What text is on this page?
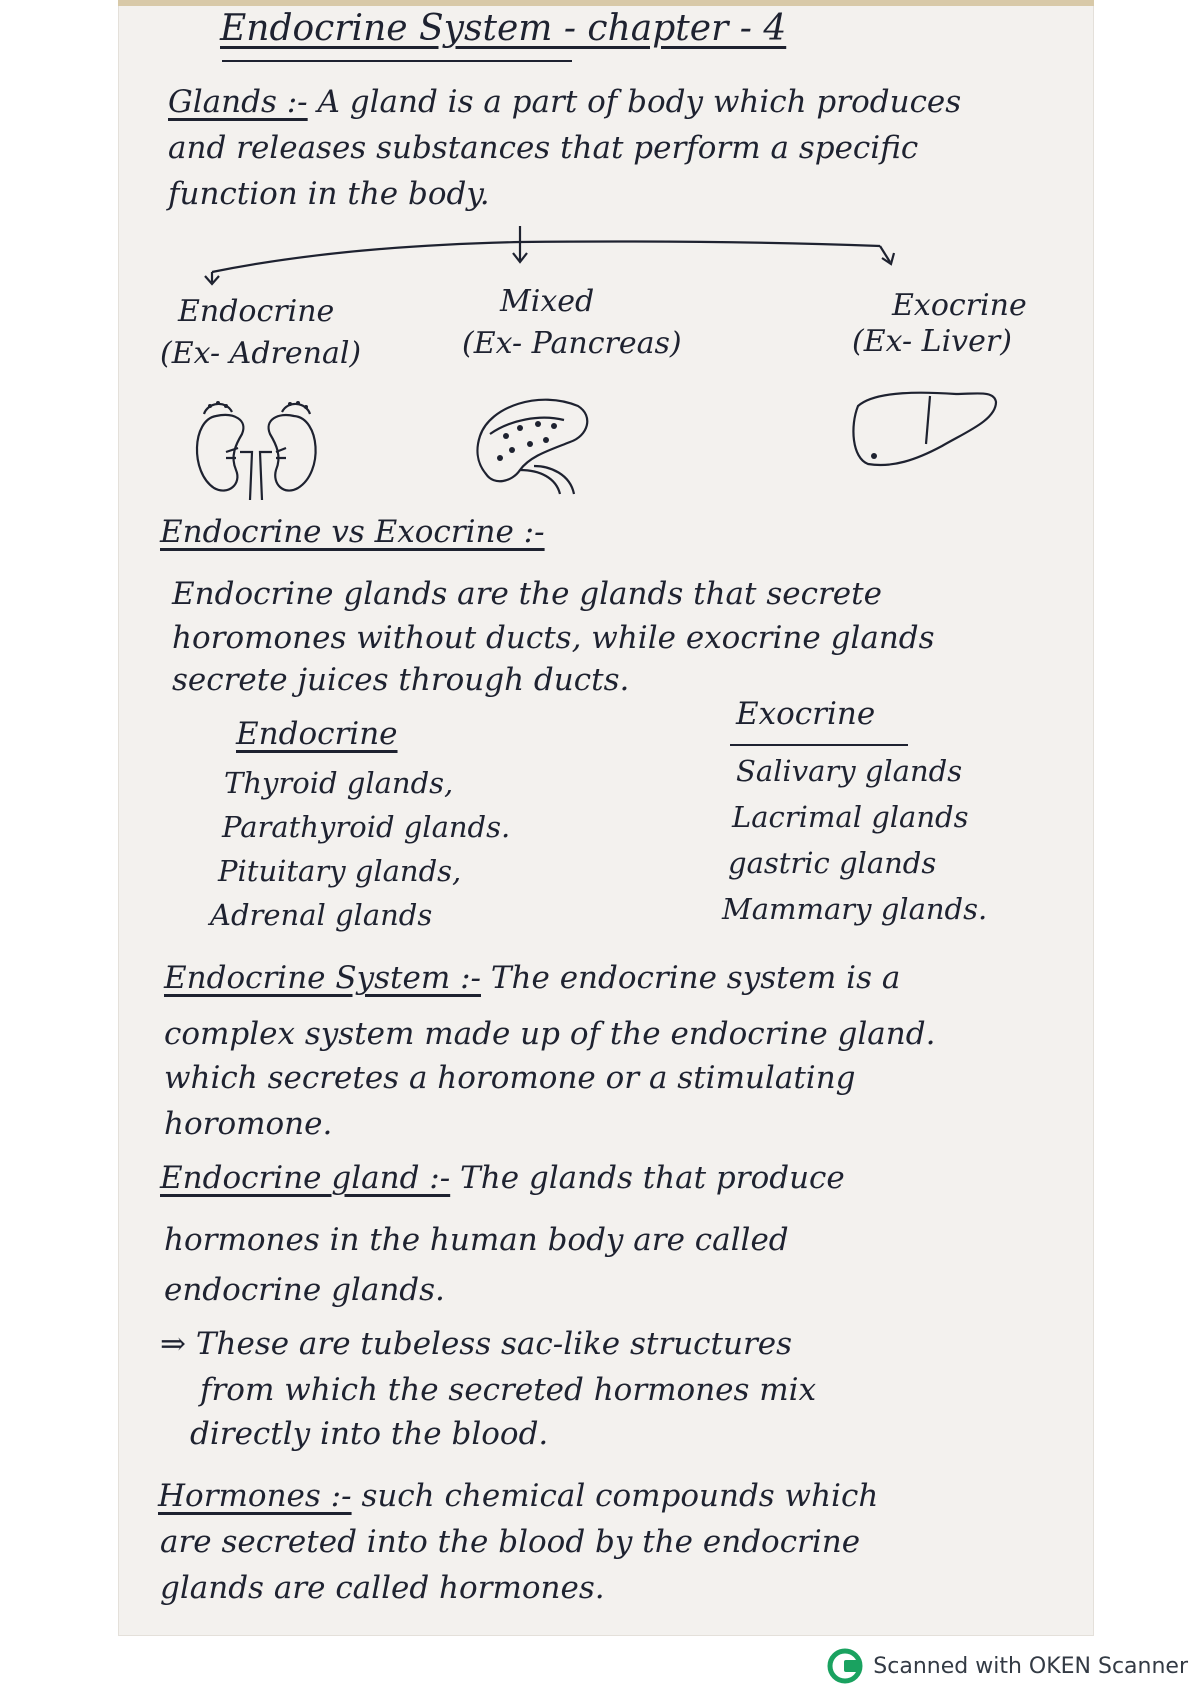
Endocrine System - chapter - 4
Glands :- A gland is a part of body which produces
and releases substances that perform a specific
function in the body.
Endocrine
(Ex- Adrenal)
Mixed
(Ex- Pancreas)
Exocrine
(Ex- Liver)
Endocrine vs Exocrine :-
Endocrine glands are the glands that secrete
horomones without ducts, while exocrine glands
secrete juices through ducts.
Endocrine
Thyroid glands,
Parathyroid glands.
Pituitary glands,
Adrenal glands
Exocrine
Salivary glands
Lacrimal glands
gastric glands
Mammary glands.
Endocrine System :- The endocrine system is a
complex system made up of the endocrine gland.
which secretes a horomone or a stimulating
horomone.
Endocrine gland :- The glands that produce
hormones in the human body are called
endocrine glands.
⇒ These are tubeless sac-like structures
from which the secreted hormones mix
directly into the blood.
Hormones :- such chemical compounds which
are secreted into the blood by the endocrine
glands are called hormones.
Scanned with OKEN Scanner
